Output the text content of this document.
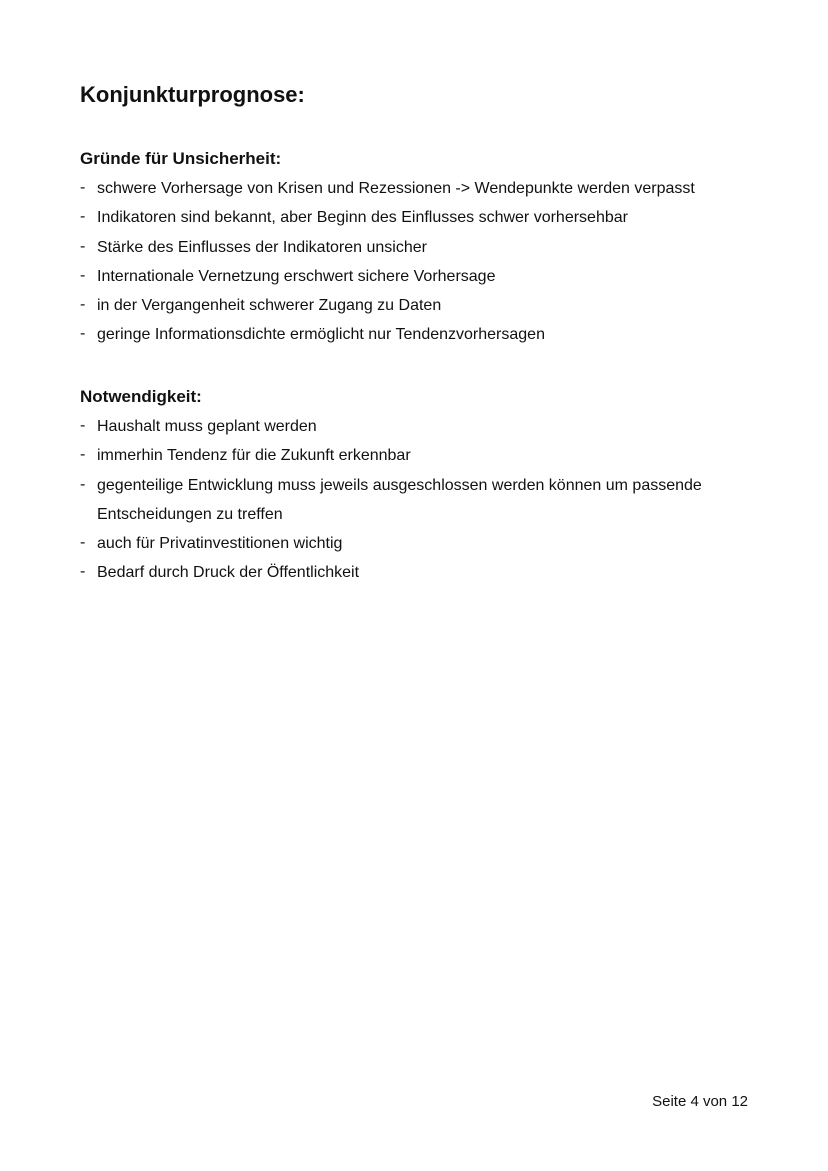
Konjunkturprognose:
Gründe für Unsicherheit:
- schwere Vorhersage von Krisen und Rezessionen -> Wendepunkte werden verpasst
- Indikatoren sind bekannt, aber Beginn des Einflusses schwer vorhersehbar
- Stärke des Einflusses der Indikatoren unsicher
- Internationale Vernetzung erschwert sichere Vorhersage
- in der Vergangenheit schwerer Zugang zu Daten
- geringe Informationsdichte ermöglicht nur Tendenzvorhersagen
Notwendigkeit:
- Haushalt muss geplant werden
- immerhin Tendenz für die Zukunft erkennbar
- gegenteilige Entwicklung muss jeweils ausgeschlossen werden können um passende Entscheidungen zu treffen
- auch für Privatinvestitionen wichtig
- Bedarf durch Druck der Öffentlichkeit
Seite 4 von 12
